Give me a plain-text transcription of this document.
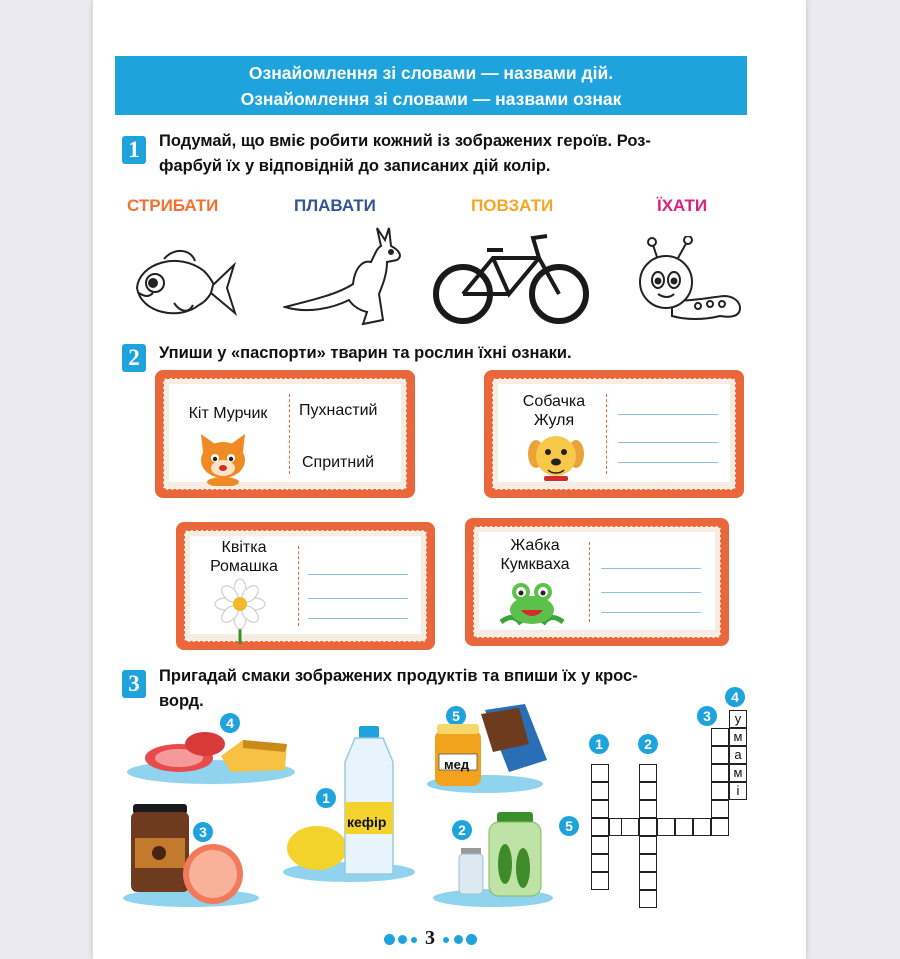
Ознайомлення зі словами — назвами дій.
Ознайомлення зі словами — назвами ознак
1	Подумай, що вміє робити кожний із зображених героїв. Роз-
фарбуй їх у відповідній до записаних дій колір.
СТРИБАТИ	ПЛАВАТИ	ПОВЗАТИ	ЇХАТИ
2	Упиши у «паспорти» тварин та рослин їхні ознаки.
Кіт Мурчик	Пухнастий
Спритний
Собачка
Жуля
Квітка
Ромашка
Жабка
Кумкваха
3	Пригадай смаки зображених продуктів та впиши їх у крос-
ворд.
4	5
мед
1
кефір
3	2
1	2
3
4
5
у
м
а
м
і
3
